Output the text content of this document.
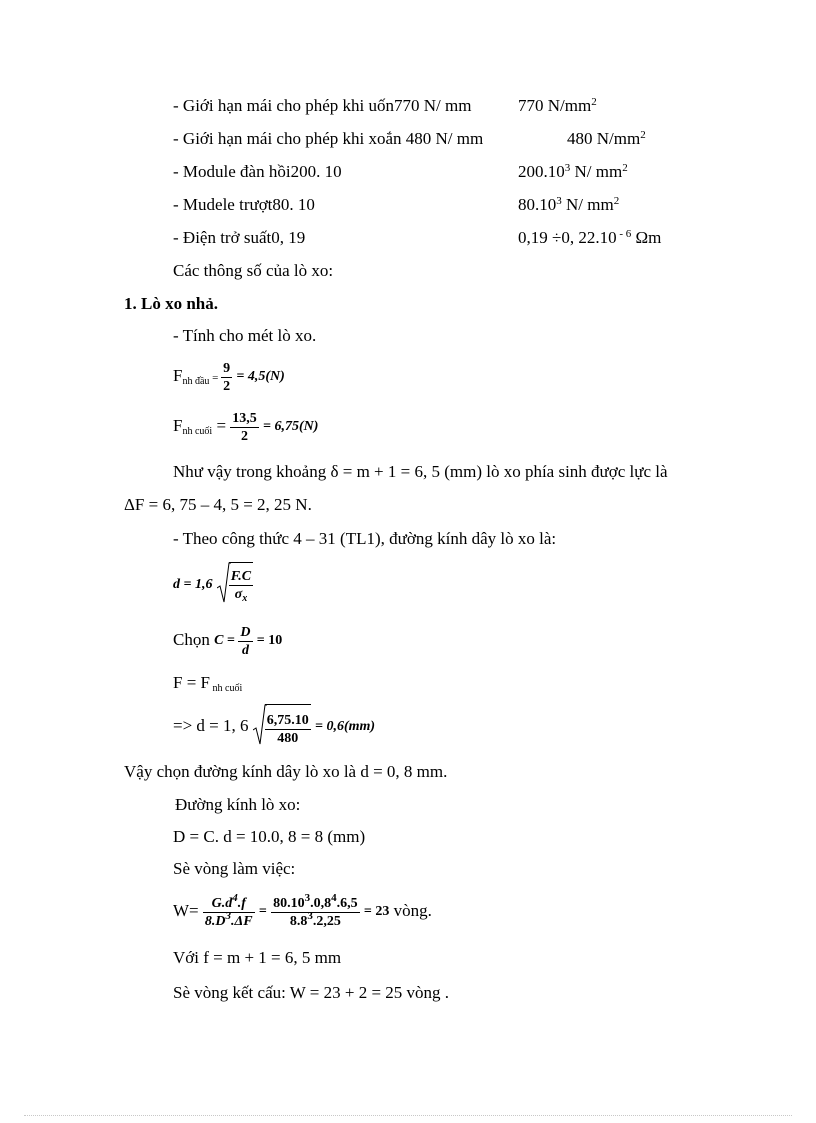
- Giới hạn mái cho phép khi uốn770 N/ mm	770 $N/mm^2$
- Giới hạn mái cho phép khi xoắn 480 N/ mm	480 $N/mm^2$
- Module đàn hồi200. 10	200.10$^3$ N/ $mm^2$
- Mudele trượt80. 10	80.10$^3$ N/ $mm^2$
- Điện trở suất0, 19	0,19 ÷0, 22.10 $^{- 6}$ Ωm
Các thông số của lò xo:
1. Lò xo nhả.
- Tính cho mét lò xo.
$F_{nh đầu} = \frac{9}{2} = 4,5(N)$
$F_{nh cuối} = \frac{13,5}{2} = 6,75(N)$
Như vậy trong khoảng δ = m + 1 = 6, 5 (mm) lò xo phía sinh được lực là
ΔF = 6, 75 – 4, 5 = 2, 25 N.
- Theo công thức 4 – 31 (TL1), đường kính dây lò xo là:
$d = 1,6 \frac{F.C}{\sigma_x}$
Chọn $C = \frac{D}{d} = 10$
F = F $_{nh cuối}$
=> d = 1, $6 \frac{6,75.10}{480} = 0,6(mm)$
Vậy chọn đường kính dây lò xo là d = 0, 8 mm.
Đường kính lò xo:
D = C. d = 10.0, 8 = 8 (mm)
Sè vòng làm việc:
$W= \frac{G.d^4.f}{8.D^3.\Delta F} = \frac{80.10^3.0,8^4.6,5}{8.8^3.2,25} = 23$ vòng.
Với f = m + 1 = 6, 5 mm
Sè vòng kết cấu: W = 23 + 2 = 25 vòng .
